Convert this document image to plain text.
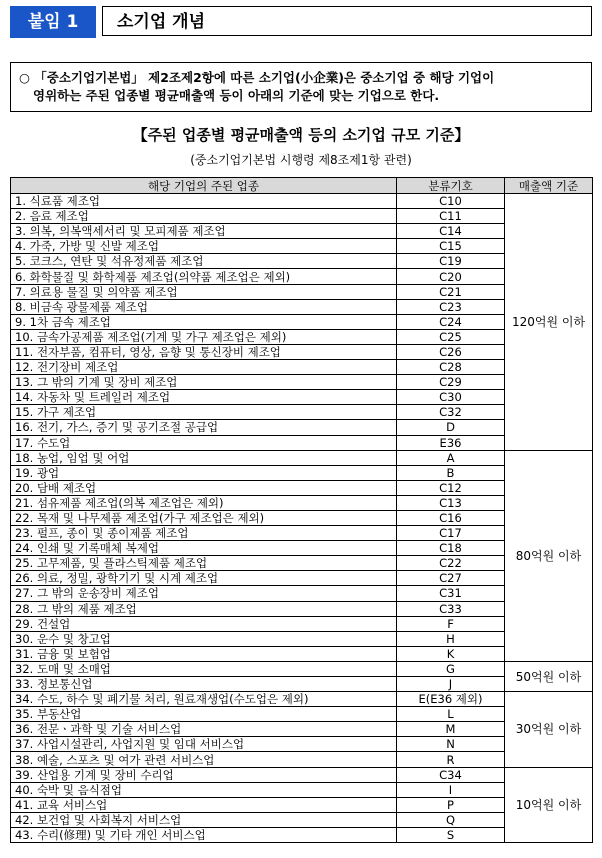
붙임 1	소기업 개념
○ 「중소기업기본법」 제2조제2항에 따른 소기업(小企業)은 중소기업 중 해당 기업이
영위하는 주된 업종별 평균매출액 등이 아래의 기준에 맞는 기업으로 한다.
【주된 업종별 평균매출액 등의 소기업 규모 기준】
(중소기업기본법 시행령 제8조제1항 관련)
해당 기업의 주된 업종	분류기호	매출액 기준
1. 식료품 제조업	C10	120억원 이하
2. 음료 제조업	C11	
3. 의복, 의복액세서리 및 모피제품 제조업	C14	
4. 가죽, 가방 및 신발 제조업	C15	
5. 코크스, 연탄 및 석유정제품 제조업	C19	
6. 화학물질 및 화학제품 제조업(의약품 제조업은 제외)	C20	
7. 의료용 물질 및 의약품 제조업	C21	
8. 비금속 광물제품 제조업	C23	
9. 1차 금속 제조업	C24	
10. 금속가공제품 제조업(기계 및 가구 제조업은 제외)	C25	
11. 전자부품, 컴퓨터, 영상, 음향 및 통신장비 제조업	C26	
12. 전기장비 제조업	C28	
13. 그 밖의 기계 및 장비 제조업	C29	
14. 자동차 및 트레일러 제조업	C30	
15. 가구 제조업	C32	
16. 전기, 가스, 증기 및 공기조절 공급업	D	
17. 수도업	E36	
18. 농업, 임업 및 어업	A	80억원 이하
19. 광업	B	
20. 담배 제조업	C12	
21. 섬유제품 제조업(의복 제조업은 제외)	C13	
22. 목재 및 나무제품 제조업(가구 제조업은 제외)	C16	
23. 펄프, 종이 및 종이제품 제조업	C17	
24. 인쇄 및 기록매체 복제업	C18	
25. 고무제품, 및 플라스틱제품 제조업	C22	
26. 의료, 정밀, 광학기기 및 시계 제조업	C27	
27. 그 밖의 운송장비 제조업	C31	
28. 그 밖의 제품 제조업	C33	
29. 건설업	F	
30. 운수 및 창고업	H	
31. 금융 및 보험업	K	
32. 도매 및 소매업	G	50억원 이하
33. 정보통신업	J	
34. 수도, 하수 및 폐기물 처리, 원료재생업(수도업은 제외)	E(E36 제외)	30억원 이하
35. 부동산업	L	
36. 전문ㆍ과학 및 기술 서비스업	M	
37. 사업시설관리, 사업지원 및 임대 서비스업	N	
38. 예술, 스포츠 및 여가 관련 서비스업	R	
39. 산업용 기계 및 장비 수리업	C34	10억원 이하
40. 숙박 및 음식점업	I	
41. 교육 서비스업	P	
42. 보건업 및 사회복지 서비스업	Q	
43. 수리(修理) 및 기타 개인 서비스업	S	
